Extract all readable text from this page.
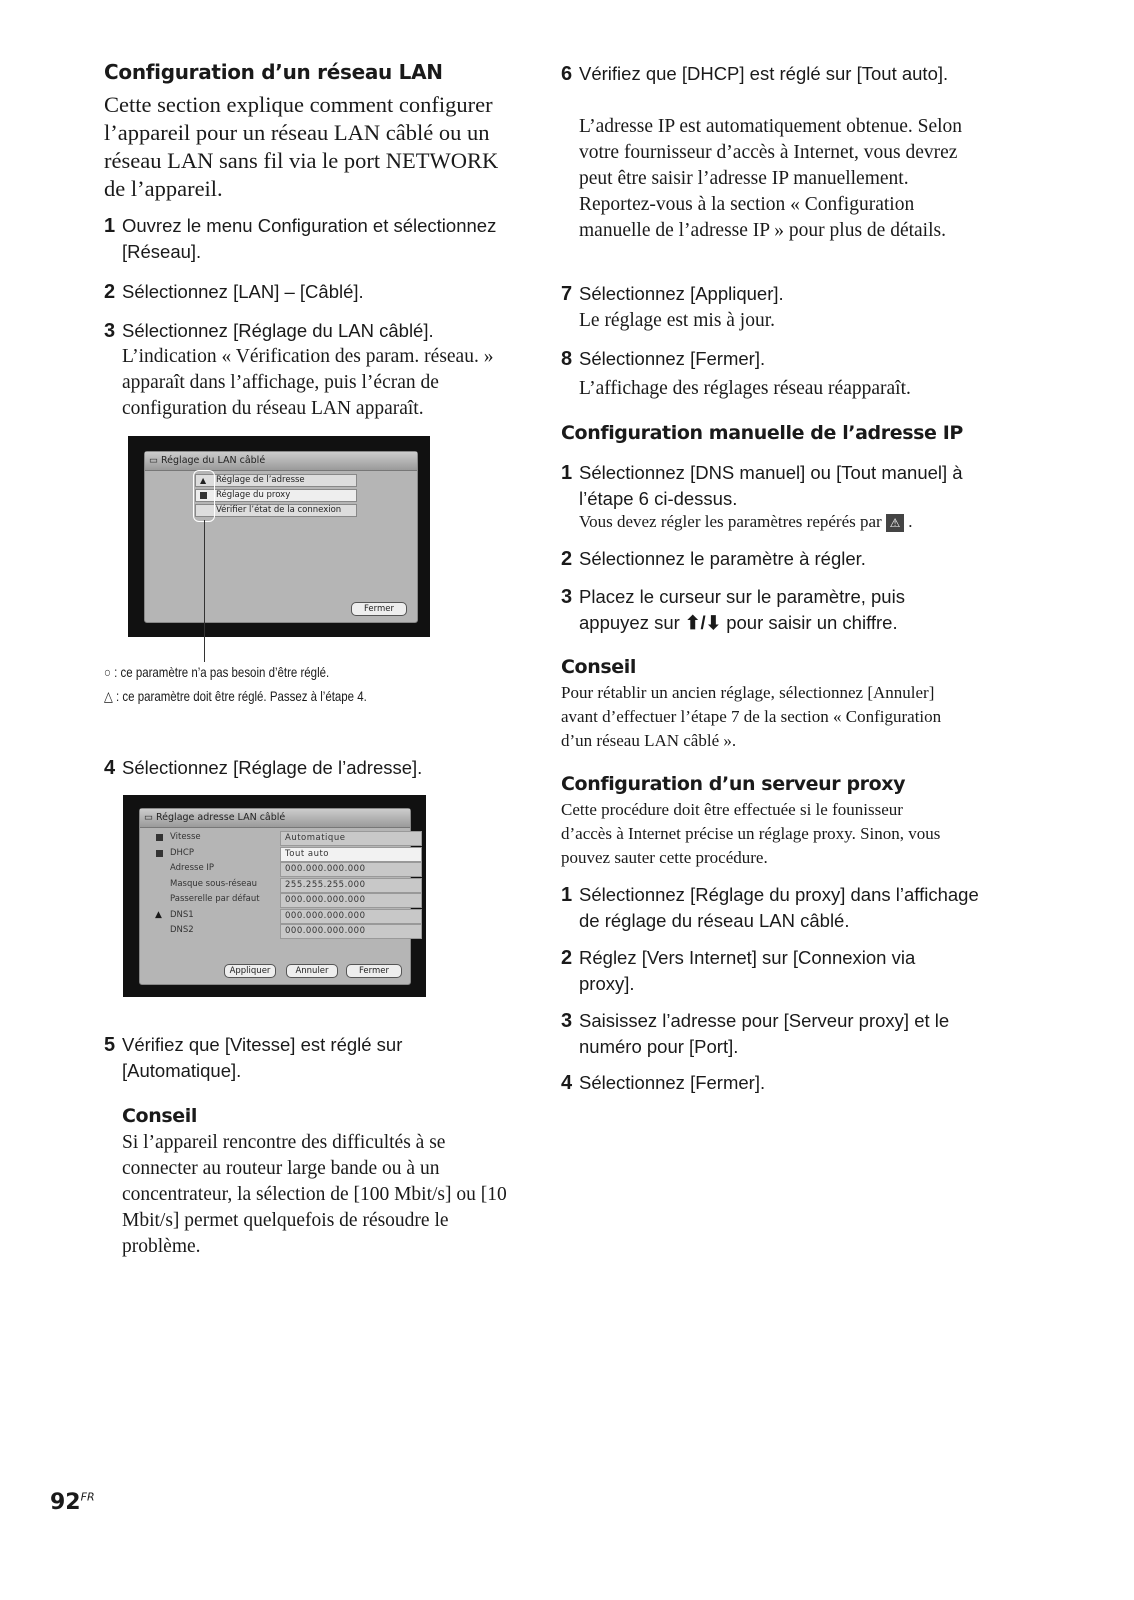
Configuration d’un réseau LAN
Cette section explique comment configurer l’appareil pour un réseau LAN câblé ou un réseau LAN sans fil via le port NETWORK de l’appareil.
1 Ouvrez le menu Configuration et sélectionnez [Réseau].
2 Sélectionnez [LAN] – [Câblé].
3 Sélectionnez [Réglage du LAN câblé].
L’indication « Vérification des param. réseau. » apparaît dans l’affichage, puis l’écran de configuration du réseau LAN apparaît.
▭ Réglage du LAN câblé
▲ Réglage de l’adresse
Réglage du proxy
Vérifier l’état de la connexion
Fermer
○ : ce paramètre n’a pas besoin d’être réglé.
△ : ce paramètre doit être réglé. Passez à l’étape 4.
4 Sélectionnez [Réglage de l’adresse].
▭ Réglage adresse LAN câblé
Vitesse	Automatique
DHCP	Tout auto
Adresse IP	000.000.000.000
Masque sous-réseau	255.255.255.000
Passerelle par défaut	000.000.000.000
▲ DNS1	000.000.000.000
DNS2	000.000.000.000
Appliquer	Annuler	Fermer
5 Vérifiez que [Vitesse] est réglé sur [Automatique].
Conseil
Si l’appareil rencontre des difficultés à se connecter au routeur large bande ou à un concentrateur, la sélection de [100 Mbit/s] ou [10 Mbit/s] permet quelquefois de résoudre le problème.
6 Vérifiez que [DHCP] est réglé sur [Tout auto].
L’adresse IP est automatiquement obtenue. Selon votre fournisseur d’accès à Internet, vous devrez peut être saisir l’adresse IP manuellement. Reportez-vous à la section « Configuration manuelle de l’adresse IP » pour plus de détails.
7 Sélectionnez [Appliquer].
Le réglage est mis à jour.
8 Sélectionnez [Fermer].
L’affichage des réglages réseau réapparaît.
Configuration manuelle de l’adresse IP
1 Sélectionnez [DNS manuel] ou [Tout manuel] à l’étape 6 ci-dessus.
Vous devez régler les paramètres repérés par ⚠ .
2 Sélectionnez le paramètre à régler.
3 Placez le curseur sur le paramètre, puis appuyez sur ⬆/⬇ pour saisir un chiffre.
Conseil
Pour rétablir un ancien réglage, sélectionnez [Annuler] avant d’effectuer l’étape 7 de la section « Configuration d’un réseau LAN câblé ».
Configuration d’un serveur proxy
Cette procédure doit être effectuée si le founisseur d’accès à Internet précise un réglage proxy. Sinon, vous pouvez sauter cette procédure.
1 Sélectionnez [Réglage du proxy] dans l’affichage de réglage du réseau LAN câblé.
2 Réglez [Vers Internet] sur [Connexion via proxy].
3 Saisissez l’adresse pour [Serveur proxy] et le numéro pour [Port].
4 Sélectionnez [Fermer].
$92^{FR}$
